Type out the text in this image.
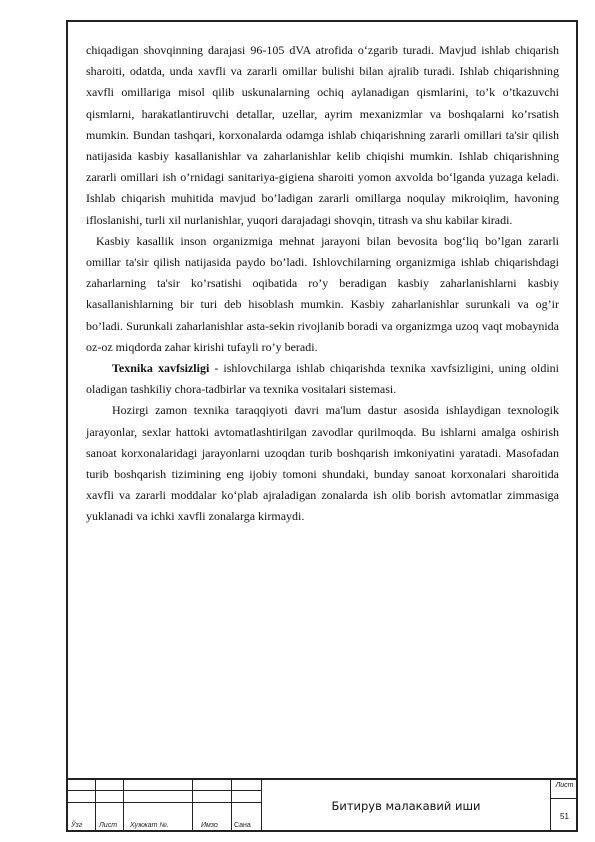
chiqadigan shovqinning darajasi 96-105 dVA atrofida o‘zgarib turadi. Mavjud ishlab chiqarish sharoiti, odatda, unda xavfli va zararli omillar bulishi bilan ajralib turadi. Ishlab chiqarishning xavfli omillariga misol qilib uskunalarning ochiq aylanadigan qismlarini, to’k o’tkazuvchi qismlarni, harakatlantiruvchi detallar, uzellar, ayrim mexanizmlar va boshqalarni ko’rsatish mumkin. Bundan tashqari, korxonalarda odamga ishlab chiqarishning zararli omillari ta'sir qilish natijasida kasbiy kasallanishlar va zaharlanishlar kelib chiqishi mumkin. Ishlab chiqarishning zararli omillari ish o’rnidagi sanitariya-gigiena sharoiti yomon axvolda bo‘lganda yuzaga keladi. Ishlab chiqarish muhitida mavjud bo’ladigan zararli omillarga noqulay mikroiqlim, havoning ifloslanishi, turli xil nurlanishlar, yuqori darajadagi shovqin, titrash va shu kabilar kiradi.

Kasbiy kasallik inson organizmiga mehnat jarayoni bilan bevosita bog‘liq bo’lgan zararli omillar ta'sir qilish natijasida paydo bo’ladi. Ishlovchilarning organizmiga ishlab chiqarishdagi zaharlarning ta'sir ko’rsatishi oqibatida ro’y beradigan kasbiy zaharlanishlarni kasbiy kasallanishlarning bir turi deb hisoblash mumkin. Kasbiy zaharlanishlar surunkali va og’ir bo’ladi. Surunkali zaharlanishlar asta-sekin rivojlanib boradi va organizmga uzoq vaqt mobaynida oz-oz miqdorda zahar kirishi tufayli ro’y beradi.

Texnika xavfsizligi - ishlovchilarga ishlab chiqarishda texnika xavfsizligini, uning oldini oladigan tashkiliy chora-tadbirlar va texnika vositalari sistemasi.

Hozirgi zamon texnika taraqqiyoti davri ma'lum dastur asosida ishlaydigan texnologik jarayonlar, sexlar hattoki avtomatlashtirilgan zavodlar qurilmoqda. Bu ishlarni amalga oshirish sanoat korxonalaridagi jarayonlarni uzoqdan turib boshqarish imkoniyatini yaratadi. Masofadan turib boshqarish tizimining eng ijobiy tomoni shundaki, bunday sanoat korxonalari sharoitida xavfli va zararli moddalar ko‘plab ajraladigan zonalarda ish olib borish avtomatlar zimmasiga yuklanadi va ichki xavfli zonalarga kirmaydi.

Ўзг Лист Хужжат №.	Имзо Сана
Битирув малакавий иши
Лист
51
